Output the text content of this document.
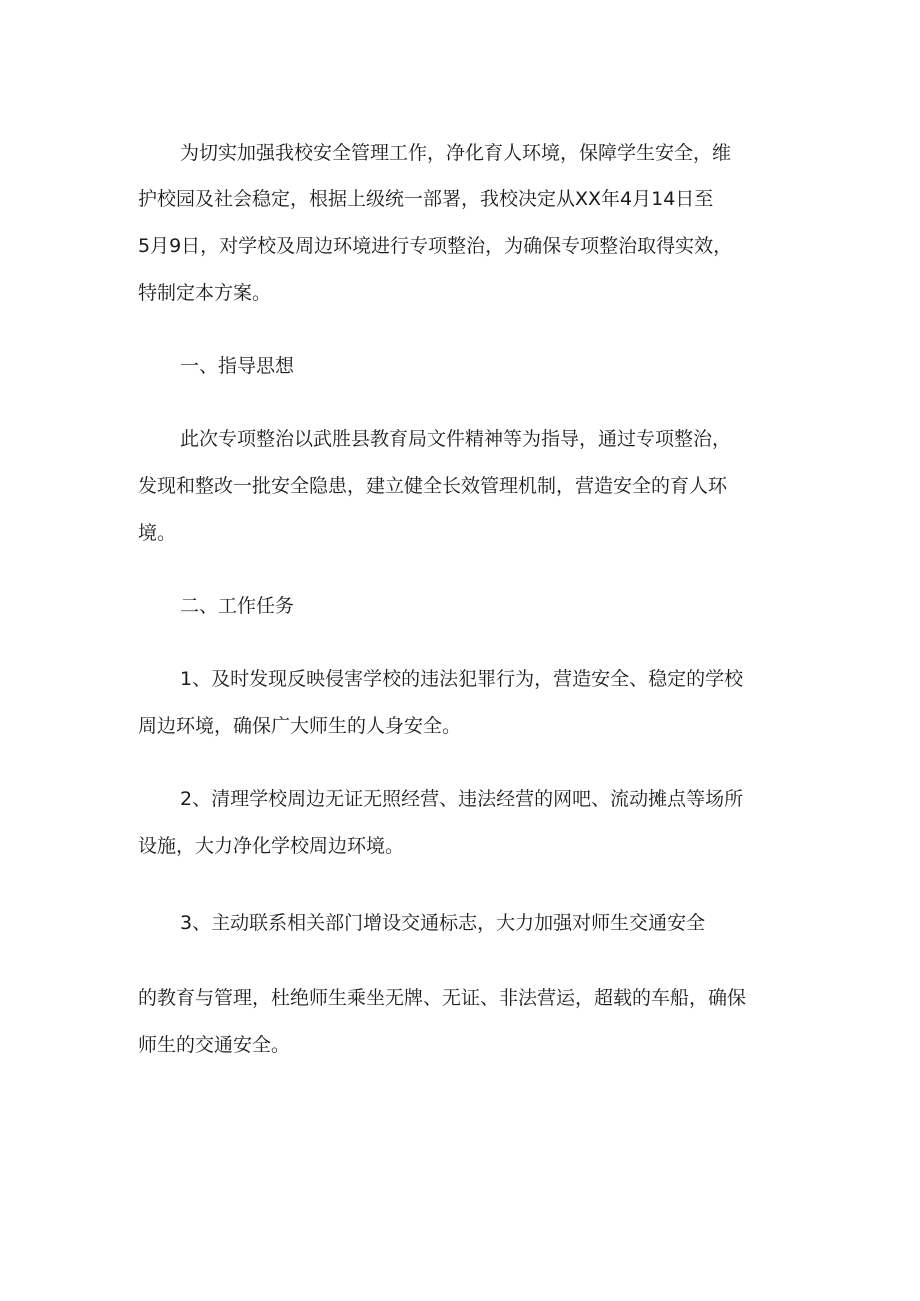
为切实加强我校安全管理工作，净化育人环境，保障学生安全，维

护校园及社会稳定，根据上级统一部署，我校决定从XX年4月14日至

5月9日，对学校及周边环境进行专项整治，为确保专项整治取得实效，

特制定本方案。

一、指导思想

此次专项整治以武胜县教育局文件精神等为指导，通过专项整治，

发现和整改一批安全隐患，建立健全长效管理机制，营造安全的育人环

境。

二、工作任务

1、及时发现反映侵害学校的违法犯罪行为，营造安全、稳定的学校

周边环境，确保广大师生的人身安全。

2、清理学校周边无证无照经营、违法经营的网吧、流动摊点等场所

设施，大力净化学校周边环境。

3、主动联系相关部门增设交通标志，大力加强对师生交通安全

的教育与管理，杜绝师生乘坐无牌、无证、非法营运，超载的车船，确保

师生的交通安全。
